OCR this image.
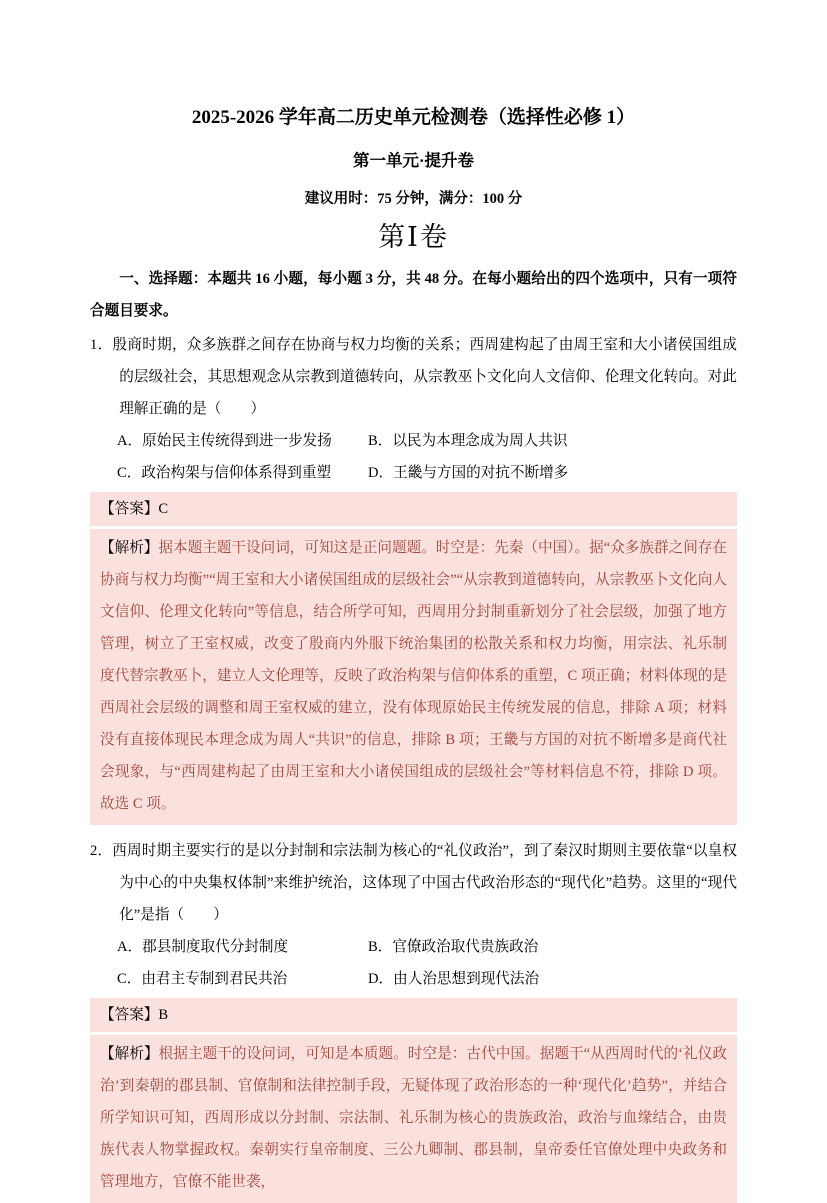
2025-2026 学年高二历史单元检测卷（选择性必修 1）
第一单元·提升卷
建议用时：75 分钟，满分：100 分
第Ⅰ卷

一、选择题：本题共 16 小题，每小题 3 分，共 48 分。在每小题给出的四个选项中，只有一项符合题目要求。

1．殷商时期，众多族群之间存在协商与权力均衡的关系；西周建构起了由周王室和大小诸侯国组成的层级社会，其思想观念从宗教到道德转向，从宗教巫卜文化向人文信仰、伦理文化转向。对此理解正确的是（　　）

A．原始民主传统得到进一步发扬	B．以民为本理念成为周人共识
C．政治构架与信仰体系得到重塑	D．王畿与方国的对抗不断增多

【答案】C

【解析】据本题主题干设问词，可知这是正问题题。时空是：先秦（中国）。据“众多族群之间存在协商与权力均衡”“周王室和大小诸侯国组成的层级社会”“从宗教到道德转向，从宗教巫卜文化向人文信仰、伦理文化转向”等信息，结合所学可知，西周用分封制重新划分了社会层级，加强了地方管理，树立了王室权威，改变了殷商内外服下统治集团的松散关系和权力均衡，用宗法、礼乐制度代替宗教巫卜，建立人文伦理等，反映了政治构架与信仰体系的重塑，C 项正确；材料体现的是西周社会层级的调整和周王室权威的建立，没有体现原始民主传统发展的信息，排除 A 项；材料没有直接体现民本理念成为周人“共识”的信息，排除 B 项；王畿与方国的对抗不断增多是商代社会现象，与“西周建构起了由周王室和大小诸侯国组成的层级社会”等材料信息不符，排除 D 项。故选 C 项。

2．西周时期主要实行的是以分封制和宗法制为核心的“礼仪政治”，到了秦汉时期则主要依靠“以皇权为中心的中央集权体制”来维护统治，这体现了中国古代政治形态的“现代化”趋势。这里的“现代化”是指（　　）

A．郡县制度取代分封制度	B．官僚政治取代贵族政治
C．由君主专制到君民共治	D．由人治思想到现代法治

【答案】B

【解析】根据主题干的设问词，可知是本质题。时空是：古代中国。据题干“从西周时代的‘礼仪政治’到秦朝的郡县制、官僚制和法律控制手段，无疑体现了政治形态的一种‘现代化’趋势”，并结合所学知识可知，西周形成以分封制、宗法制、礼乐制为核心的贵族政治，政治与血缘结合，由贵族代表人物掌握政权。秦朝实行皇帝制度、三公九卿制、郡县制，皇帝委任官僚处理中央政务和管理地方，官僚不能世袭，
